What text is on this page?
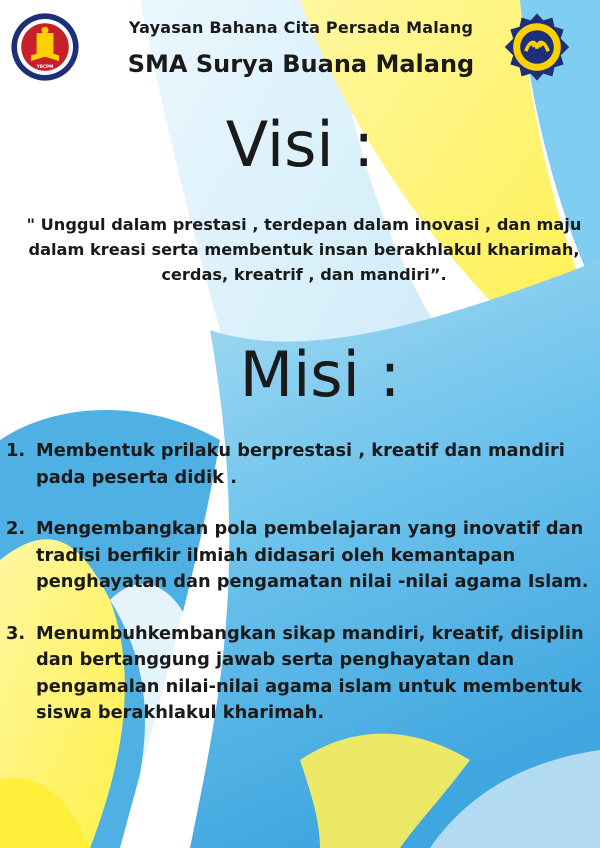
YBCPM
Yayasan Bahana Cita Persada Malang
SMA Surya Buana Malang
Visi :
" Unggul dalam prestasi , terdepan dalam inovasi , dan maju dalam kreasi serta membentuk insan berakhlakul kharimah, cerdas, kreatrif , dan mandiri”.
Misi :
1. Membentuk prilaku berprestasi , kreatif dan mandiri pada peserta didik .
2. Mengembangkan pola pembelajaran yang inovatif dan tradisi berfikir ilmiah didasari oleh kemantapan penghayatan dan pengamatan nilai -nilai agama Islam.
3. Menumbuhkembangkan sikap mandiri, kreatif, disiplin dan bertanggung jawab serta penghayatan dan pengamalan nilai-nilai agama islam untuk membentuk siswa berakhlakul kharimah.
